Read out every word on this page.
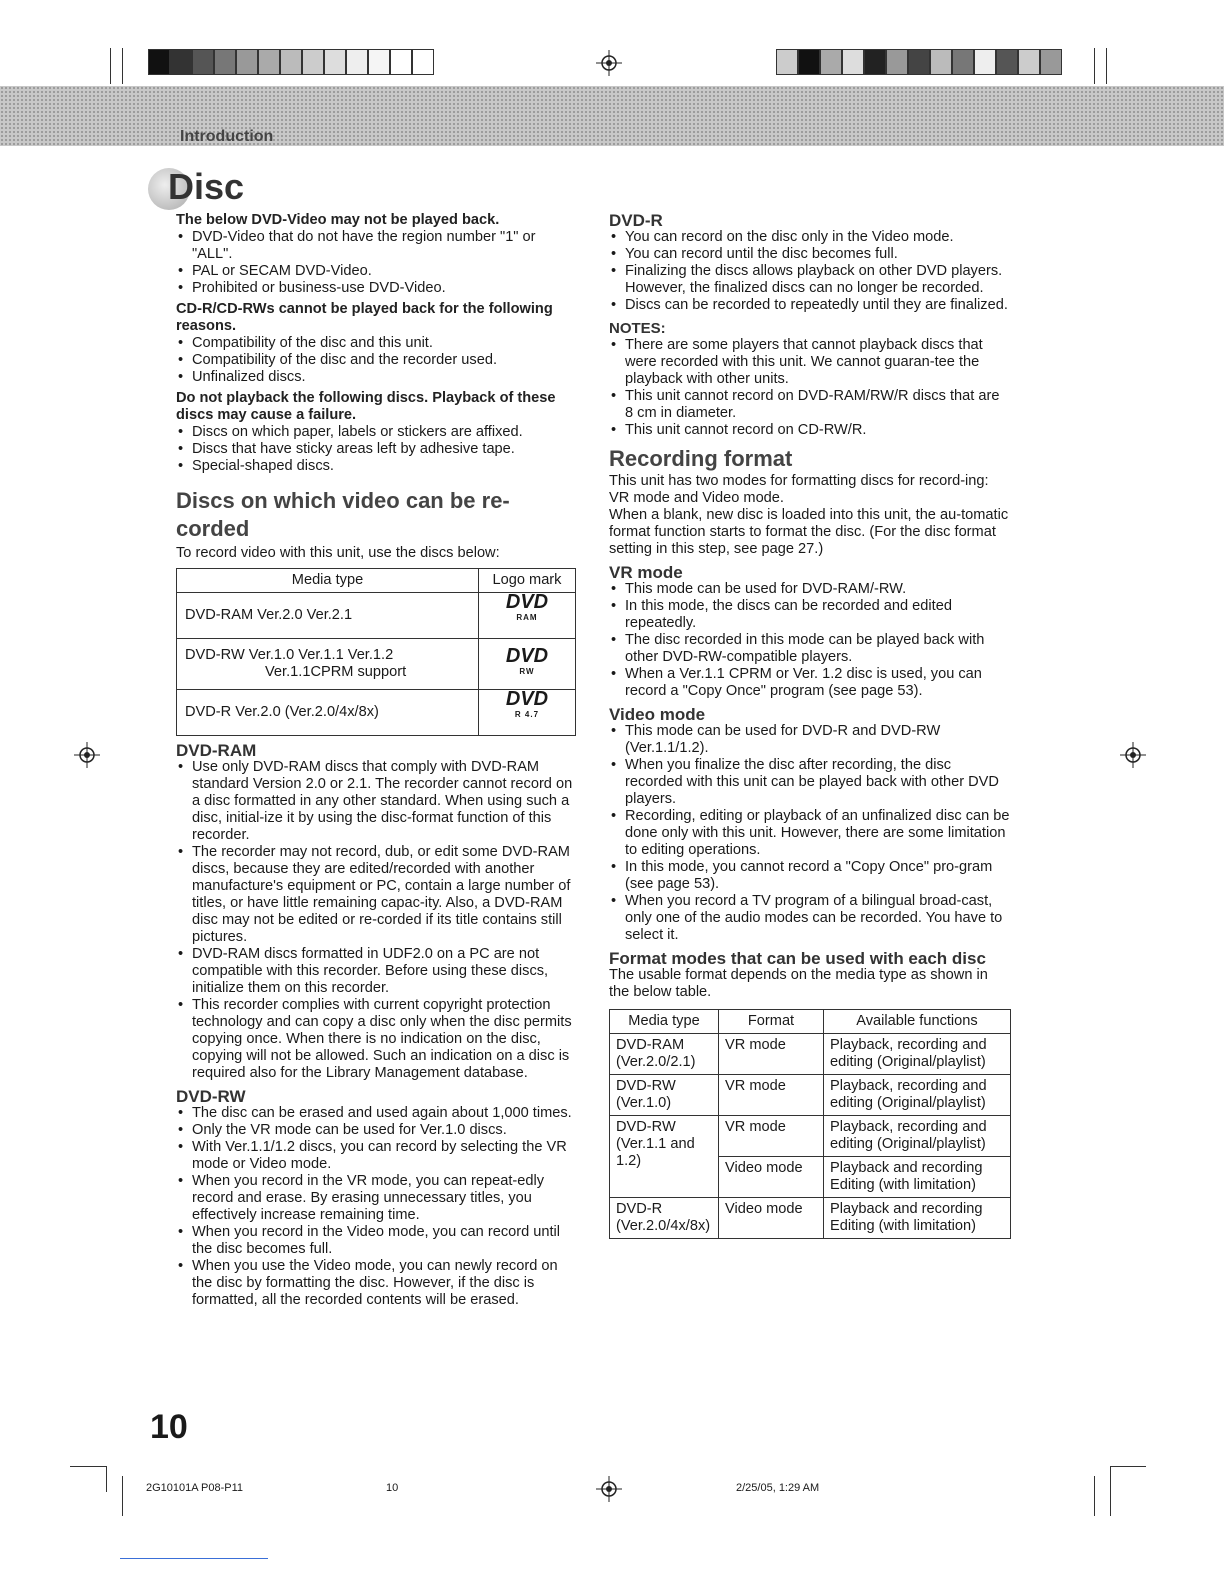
Introduction
Disc

The below DVD-Video may not be played back.

• DVD-Video that do not have the region number "1" or "ALL".
• PAL or SECAM DVD-Video.
• Prohibited or business-use DVD-Video.

CD-R/CD-RWs cannot be played back for the following reasons.

• Compatibility of the disc and this unit.
• Compatibility of the disc and the recorder used.
• Unfinalized discs.

Do not playback the following discs. Playback of these discs may cause a failure.

• Discs on which paper, labels or stickers are affixed.
• Discs that have sticky areas left by adhesive tape.
• Special-shaped discs.

Discs on which video can be re-corded

To record video with this unit, use the discs below:

Media type	Logo mark
DVD-RAM Ver.2.0 Ver.2.1	DVD
RAM
DVD-RW Ver.1.0 Ver.1.1 Ver.1.2
Ver.1.1CPRM support	DVD
RW
DVD-R Ver.2.0 (Ver.2.0/4x/8x)	DVD
R 4.7

DVD-RAM

• Use only DVD-RAM discs that comply with DVD-RAM standard Version 2.0 or 2.1. The recorder cannot record on a disc formatted in any other standard. When using such a disc, initial-ize it by using the disc-format function of this recorder.
• The recorder may not record, dub, or edit some DVD-RAM discs, because they are edited/recorded with another manufacture's equipment or PC, contain a large number of titles, or have little remaining capac-ity. Also, a DVD-RAM disc may not be edited or re-corded if its title contains still pictures.
• DVD-RAM discs formatted in UDF2.0 on a PC are not compatible with this recorder. Before using these discs, initialize them on this recorder.
• This recorder complies with current copyright protection technology and can copy a disc only when the disc permits copying once. When there is no indication on the disc, copying will not be allowed. Such an indication on a disc is required also for the Library Management database.

DVD-RW

• The disc can be erased and used again about 1,000 times.
• Only the VR mode can be used for Ver.1.0 discs.
• With Ver.1.1/1.2 discs, you can record by selecting the VR mode or Video mode.
• When you record in the VR mode, you can repeat-edly record and erase. By erasing unnecessary titles, you effectively increase remaining time.
• When you record in the Video mode, you can record until the disc becomes full.
• When you use the Video mode, you can newly record on the disc by formatting the disc. However, if the disc is formatted, all the recorded contents will be erased.

DVD-R

• You can record on the disc only in the Video mode.
• You can record until the disc becomes full.
• Finalizing the discs allows playback on other DVD players. However, the finalized discs can no longer be recorded.
• Discs can be recorded to repeatedly until they are finalized.

NOTES:

• There are some players that cannot playback discs that were recorded with this unit. We cannot guaran-tee the playback with other units.
• This unit cannot record on DVD-RAM/RW/R discs that are 8 cm in diameter.
• This unit cannot record on CD-RW/R.

Recording format

This unit has two modes for formatting discs for record-ing: VR mode and Video mode.

When a blank, new disc is loaded into this unit, the au-tomatic format function starts to format the disc. (For the disc format setting in this step, see page 27.)

VR mode

• This mode can be used for DVD-RAM/-RW.
• In this mode, the discs can be recorded and edited repeatedly.
• The disc recorded in this mode can be played back with other DVD-RW-compatible players.
• When a Ver.1.1 CPRM or Ver. 1.2 disc is used, you can record a "Copy Once" program (see page 53).

Video mode

• This mode can be used for DVD-R and DVD-RW (Ver.1.1/1.2).
• When you finalize the disc after recording, the disc recorded with this unit can be played back with other DVD players.
• Recording, editing or playback of an unfinalized disc can be done only with this unit. However, there are some limitation to editing operations.
• In this mode, you cannot record a "Copy Once" pro-gram (see page 53).
• When you record a TV program of a bilingual broad-cast, only one of the audio modes can be recorded. You have to select it.

Format modes that can be used with each disc

The usable format depends on the media type as shown in the below table.

Media type	Format	Available functions
DVD-RAM (Ver.2.0/2.1)	VR mode	Playback, recording and editing (Original/playlist)
DVD-RW (Ver.1.0)	VR mode	Playback, recording and editing (Original/playlist)
DVD-RW (Ver.1.1 and 1.2)	VR mode	Playback, recording and editing (Original/playlist)
	Video mode	Playback and recording Editing (with limitation)
DVD-R (Ver.2.0/4x/8x)	Video mode	Playback and recording Editing (with limitation)
10
2G10101A P08-P11	10	2/25/05, 1:29 AM
